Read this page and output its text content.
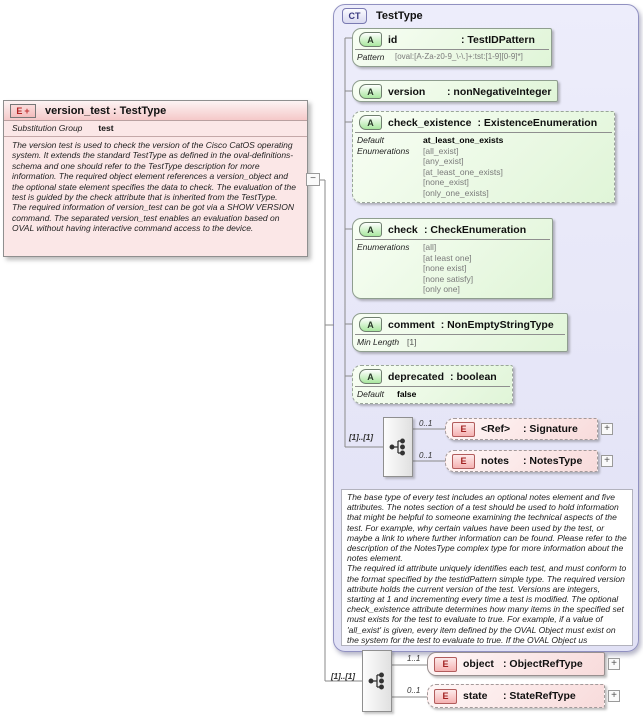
CT	TestType
A	id	: TestIDPattern
Pattern	[oval:[A-Za-z0-9_\-\.]+:tst:[1-9][0-9]*]
A	version	: nonNegativeInteger
A	check_existence : ExistenceEnumeration
Default	at_least_one_exists
Enumerations	[all_exist]
[any_exist]
[at_least_one_exists]
[none_exist]
[only_one_exists]
A	check : CheckEnumeration
Enumerations	[all]
[at least one]
[none exist]
[none satisfy]
[only one]
A	comment : NonEmptyStringType
Min Length [1]
A	deprecated : boolean
Default	false
[1]..[1]
0..1
E	<Ref>	: Signature	+
0..1
E	notes	: NotesType	+
The base type of every test includes an optional notes element and five attributes. The notes section of a test should be used to hold information that might be helpful to someone examining the technical aspects of the test. For example, why certain values have been used by the test, or maybe a link to where further information can be found. Please refer to the description of the NotesType complex type for more information about the notes element.
The required id attribute uniquely identifies each test, and must conform to the format specified by the testidPattern simple type. The required version attribute holds the current version of the test. Versions are integers, starting at 1 and incrementing every time a test is modified. The optional check_existence attribute determines how many items in the specified set must exists for the test to evaluate to true. For example, if a value of 'all_exist' is given, every item defined by the OVAL Object must exist on the system for the test to evaluate to true. If the OVAL Object us
E + version_test : TestType
Substitution Group test
The version test is used to check the version of the Cisco CatOS operating system. It extends the standard TestType as defined in the oval-definitions-schema and one should refer to the TestType description for more information. The required object element references a version_object and the optional state element specifies the data to check. The evaluation of the test is guided by the check attribute that is inherited from the TestType.
The required information of version_test can be got via a SHOW VERSION command. The separated version_test enables an evaluation based on OVAL without having interactive command access to the device.
−
[1]..[1]
1..1
E	object : ObjectRefType	+
0..1
E	state	: StateRefType	+
